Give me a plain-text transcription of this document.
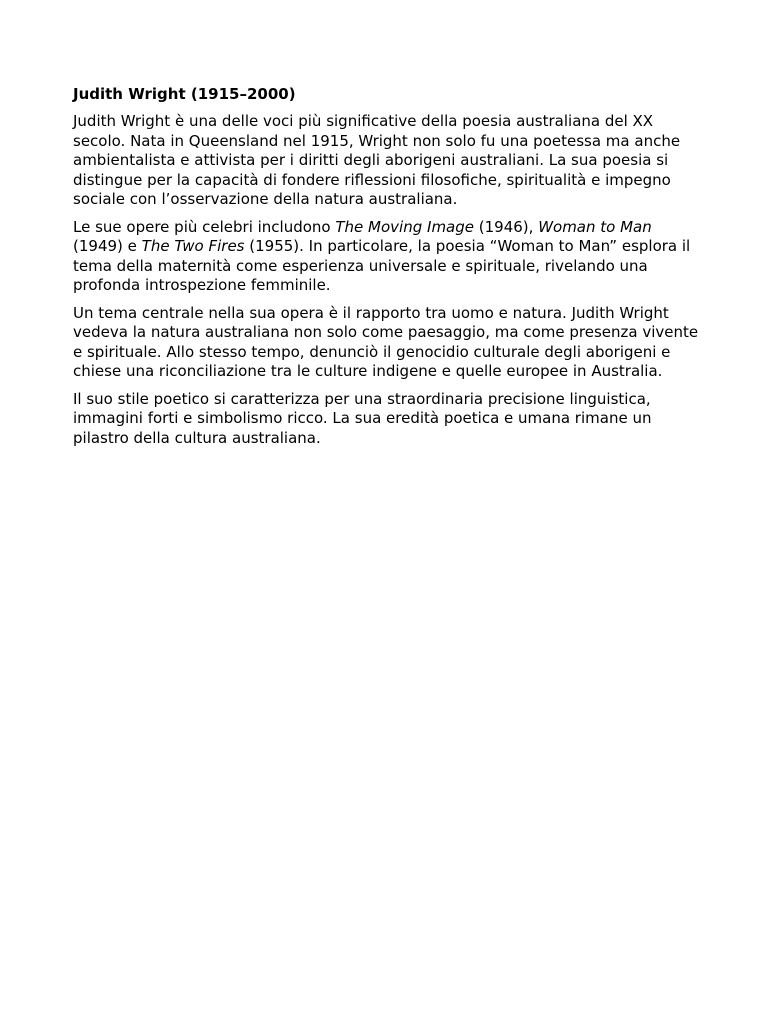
Judith Wright (1915–2000)

Judith Wright è una delle voci più significative della poesia australiana del XX secolo. Nata in Queensland nel 1915, Wright non solo fu una poetessa ma anche ambientalista e attivista per i diritti degli aborigeni australiani. La sua poesia si distingue per la capacità di fondere riflessioni filosofiche, spiritualità e impegno sociale con l’osservazione della natura australiana.

Le sue opere più celebri includono The Moving Image (1946), Woman to Man (1949) e The Two Fires (1955). In particolare, la poesia “Woman to Man” esplora il tema della maternità come esperienza universale e spirituale, rivelando una profonda introspezione femminile.

Un tema centrale nella sua opera è il rapporto tra uomo e natura. Judith Wright vedeva la natura australiana non solo come paesaggio, ma come presenza vivente e spirituale. Allo stesso tempo, denunciò il genocidio culturale degli aborigeni e chiese una riconciliazione tra le culture indigene e quelle europee in Australia.

Il suo stile poetico si caratterizza per una straordinaria precisione linguistica, immagini forti e simbolismo ricco. La sua eredità poetica e umana rimane un pilastro della cultura australiana.
